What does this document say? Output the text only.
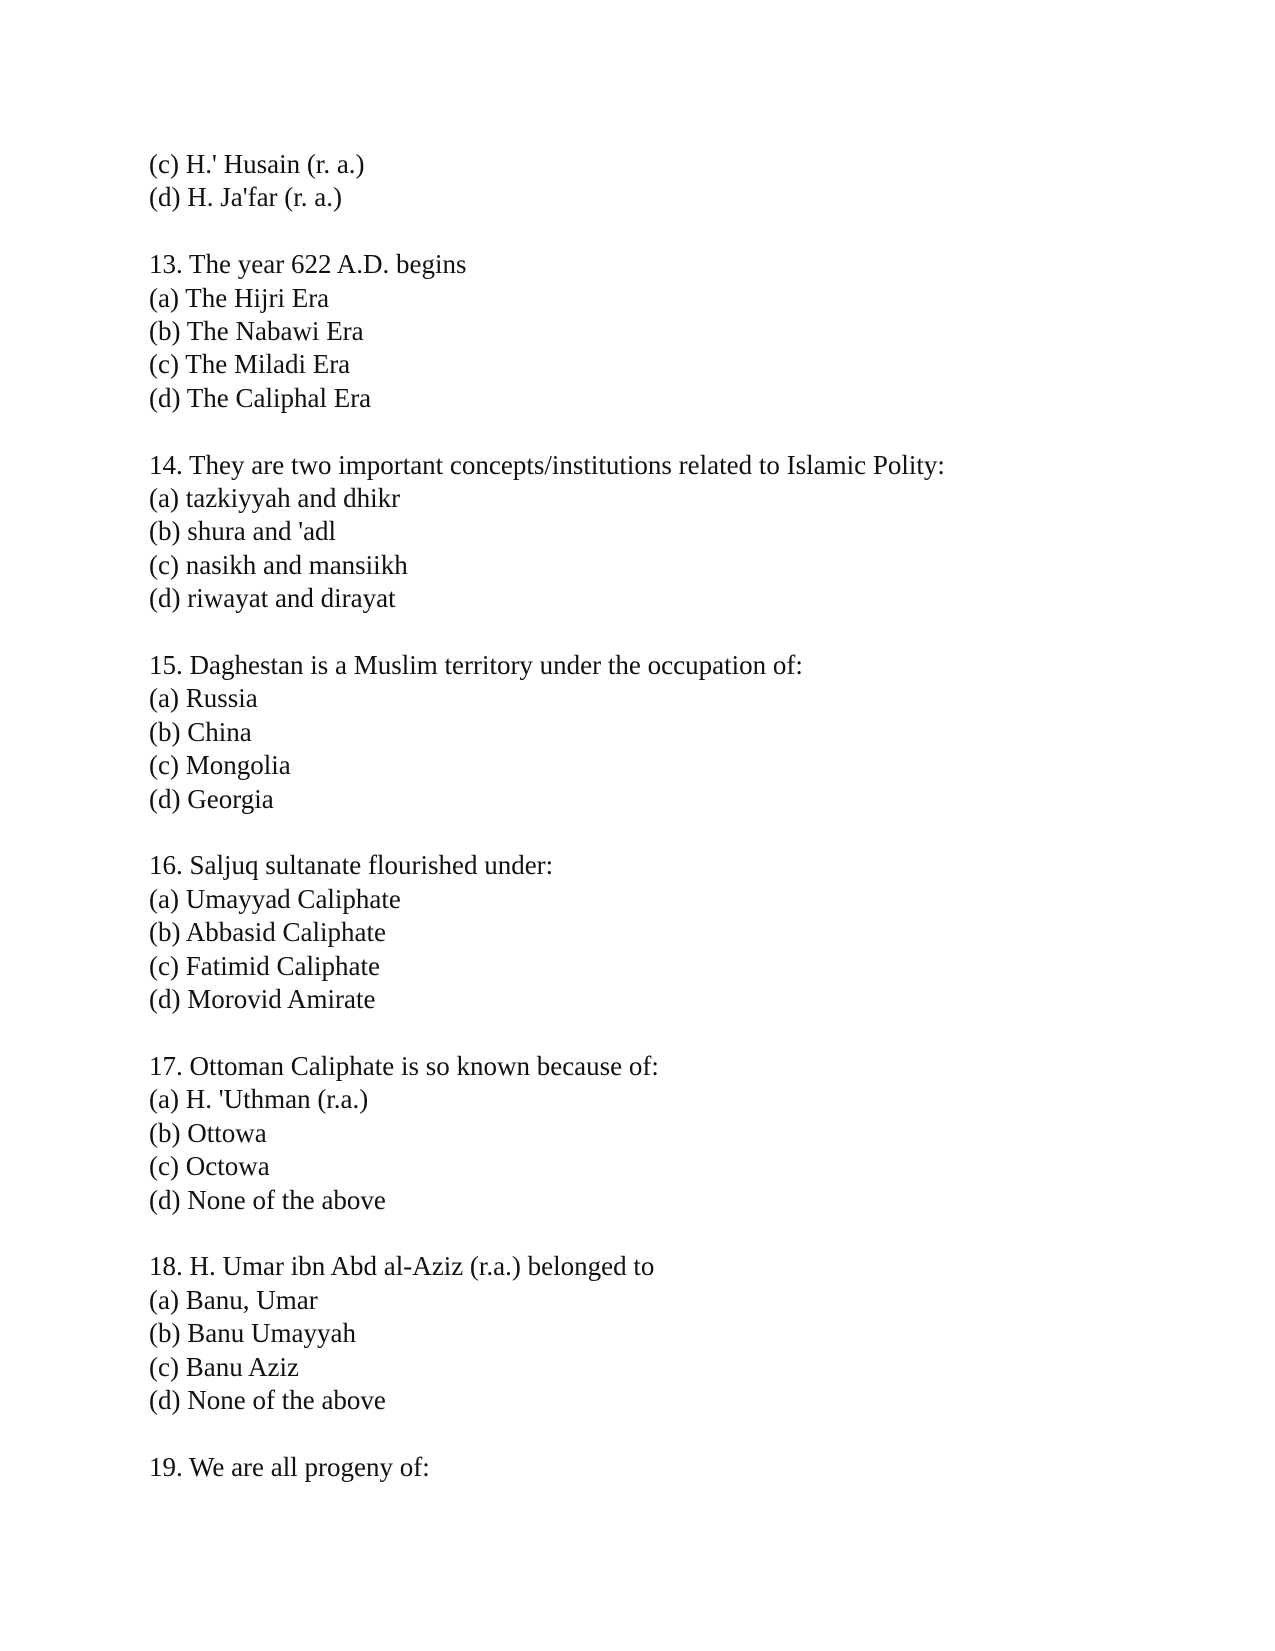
(c) H.' Husain (r. a.)
(d) H. Ja'far (r. a.)
13. The year 622 A.D. begins
(a) The Hijri Era
(b) The Nabawi Era
(c) The Miladi Era
(d) The Caliphal Era
14. They are two important concepts/institutions related to Islamic Polity:
(a) tazkiyyah and dhikr
(b) shura and 'adl
(c) nasikh and mansiikh
(d) riwayat and dirayat
15. Daghestan is a Muslim territory under the occupation of:
(a) Russia
(b) China
(c) Mongolia
(d) Georgia
16. Saljuq sultanate flourished under:
(a) Umayyad Caliphate
(b) Abbasid Caliphate
(c) Fatimid Caliphate
(d) Morovid Amirate
17. Ottoman Caliphate is so known because of:
(a) H. 'Uthman (r.a.)
(b) Ottowa
(c) Octowa
(d) None of the above
18. H. Umar ibn Abd al-Aziz (r.a.) belonged to
(a) Banu, Umar
(b) Banu Umayyah
(c) Banu Aziz
(d) None of the above
19. We are all progeny of:
